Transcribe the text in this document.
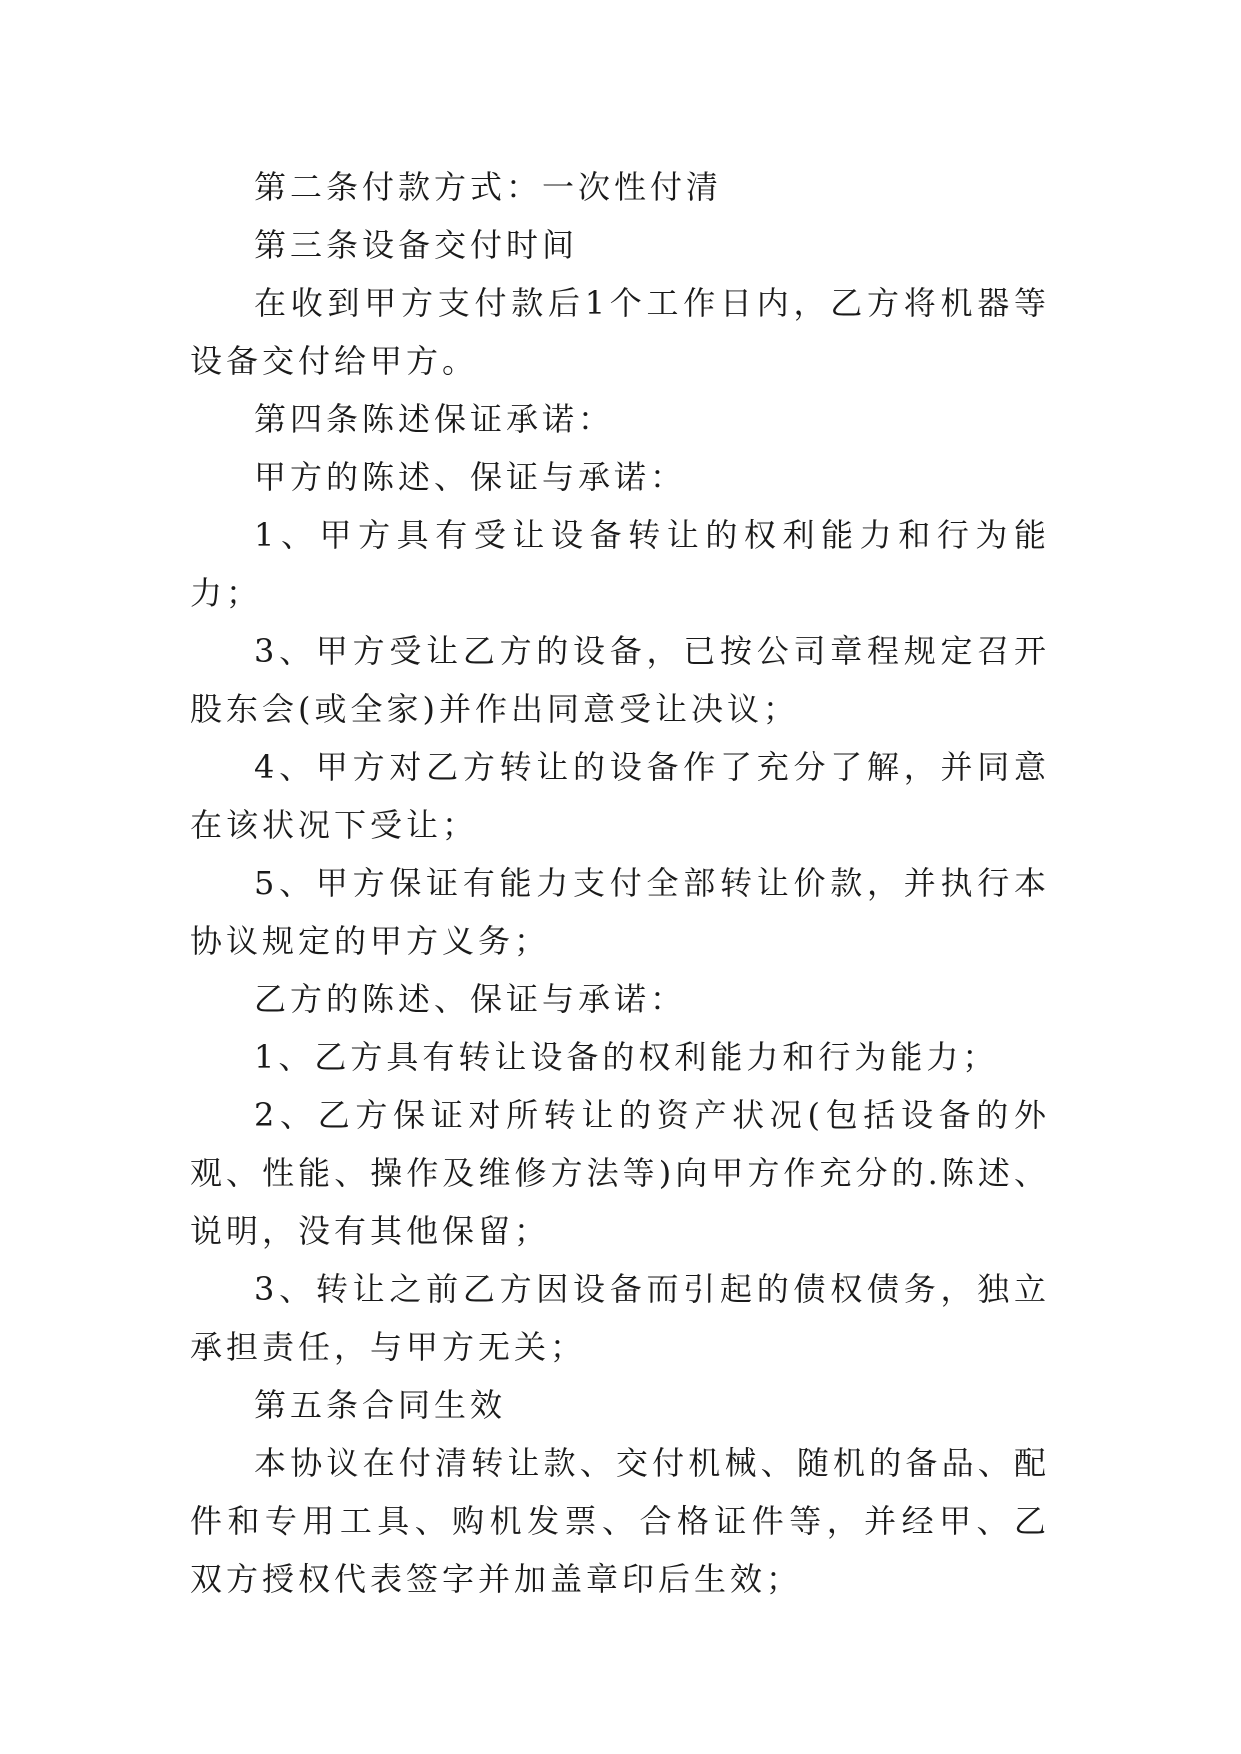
第二条付款方式：一次性付清

第三条设备交付时间

在收到甲方支付款后1个工作日内，乙方将机器等设备交付给甲方。

第四条陈述保证承诺：

甲方的陈述、保证与承诺：

1、甲方具有受让设备转让的权利能力和行为能力；

3、甲方受让乙方的设备，已按公司章程规定召开股东会(或全家)并作出同意受让决议；

4、甲方对乙方转让的设备作了充分了解，并同意在该状况下受让；

5、甲方保证有能力支付全部转让价款，并执行本协议规定的甲方义务；

乙方的陈述、保证与承诺：

1、乙方具有转让设备的权利能力和行为能力；

2、乙方保证对所转让的资产状况(包括设备的外观、性能、操作及维修方法等)向甲方作充分的.陈述、说明，没有其他保留；

3、转让之前乙方因设备而引起的债权债务，独立承担责任，与甲方无关；

第五条合同生效

本协议在付清转让款、交付机械、随机的备品、配件和专用工具、购机发票、合格证件等，并经甲、乙双方授权代表签字并加盖章印后生效；
